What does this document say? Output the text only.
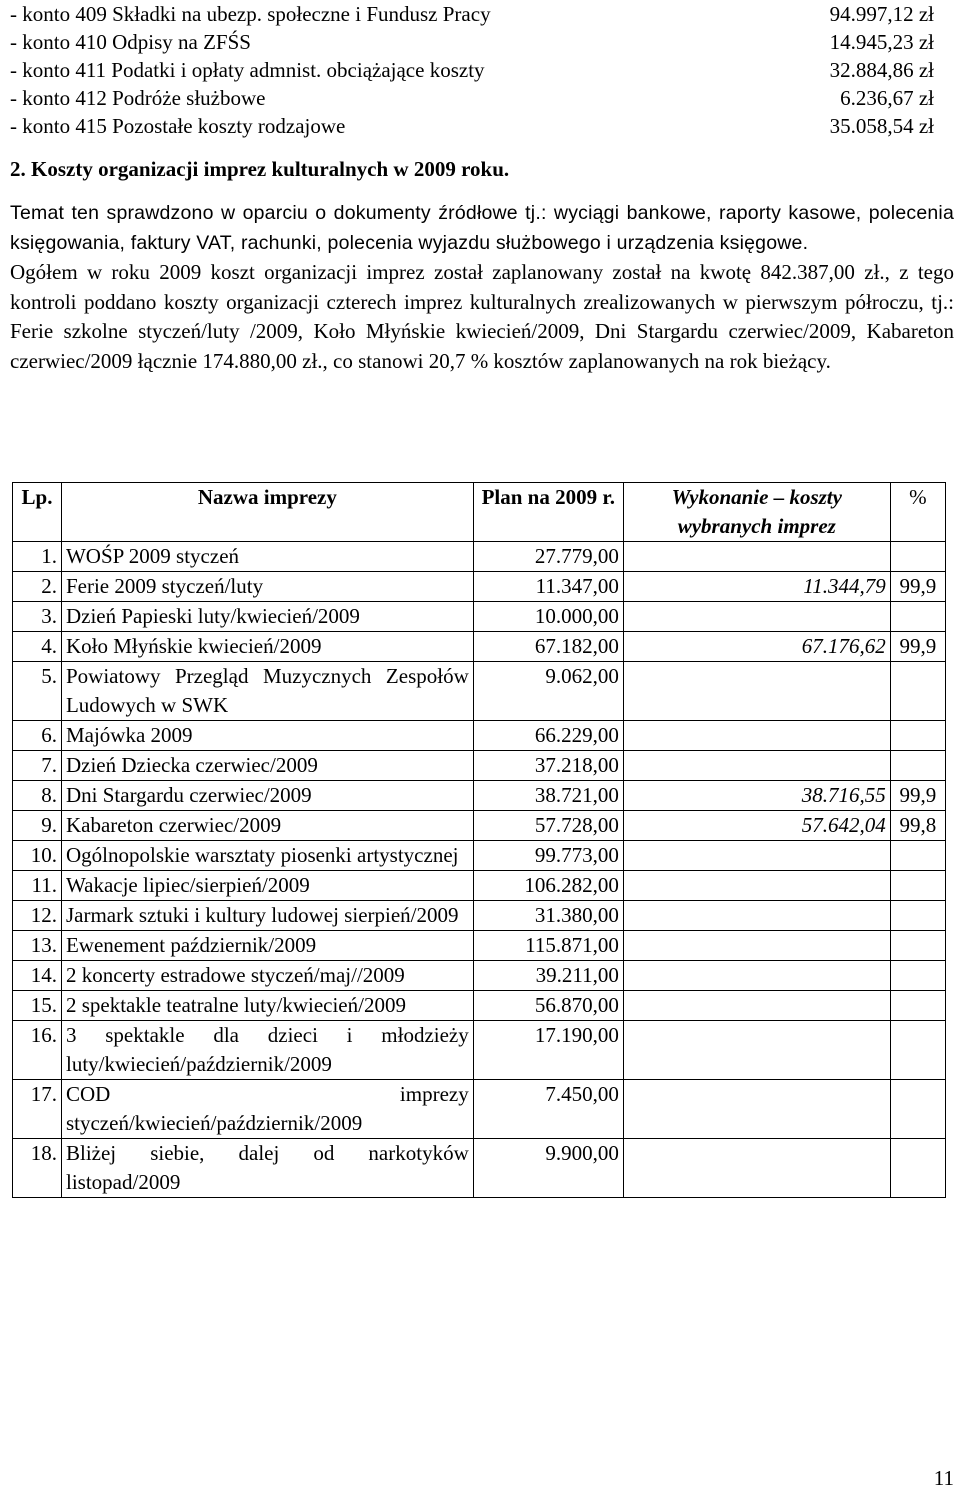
- konto 409 Składki na ubezp. społeczne i Fundusz Pracy	94.997,12 zł
- konto 410 Odpisy na ZFŚS	14.945,23 zł
- konto 411 Podatki i opłaty admnist. obciążające koszty	32.884,86 zł
- konto 412 Podróże służbowe	6.236,67 zł
- konto 415 Pozostałe koszty rodzajowe	35.058,54 zł
2. Koszty organizacji imprez kulturalnych w 2009 roku.
Temat ten sprawdzono w oparciu o dokumenty źródłowe tj.: wyciągi bankowe, raporty kasowe, polecenia księgowania, faktury VAT, rachunki, polecenia wyjazdu służbowego i urządzenia księgowe.
Ogółem w roku 2009 koszt organizacji imprez został zaplanowany został na kwotę 842.387,00 zł., z tego kontroli poddano koszty organizacji czterech imprez kulturalnych zrealizowanych w pierwszym półroczu, tj.: Ferie szkolne styczeń/luty /2009, Koło Młyńskie kwiecień/2009, Dni Stargardu czerwiec/2009, Kabareton czerwiec/2009 łącznie 174.880,00 zł., co stanowi 20,7 % kosztów zaplanowanych na rok bieżący.
Lp.	Nazwa imprezy	Plan na 2009 r.	Wykonanie – koszty wybranych imprez	%
1.	WOŚP 2009 styczeń	27.779,00		
2.	Ferie 2009 styczeń/luty	11.347,00	11.344,79	99,9
3.	Dzień Papieski luty/kwiecień/2009	10.000,00		
4.	Koło Młyńskie kwiecień/2009	67.182,00	67.176,62	99,9
5.	Powiatowy Przegląd Muzycznych Zespołów Ludowych w SWK	9.062,00		
6.	Majówka 2009	66.229,00		
7.	Dzień Dziecka czerwiec/2009	37.218,00		
8.	Dni Stargardu czerwiec/2009	38.721,00	38.716,55	99,9
9.	Kabareton czerwiec/2009	57.728,00	57.642,04	99,8
10.	Ogólnopolskie warsztaty piosenki artystycznej	99.773,00		
11.	Wakacje lipiec/sierpień/2009	106.282,00		
12.	Jarmark sztuki i kultury ludowej sierpień/2009	31.380,00		
13.	Ewenement październik/2009	115.871,00		
14.	2 koncerty estradowe styczeń/maj//2009	39.211,00		
15.	2 spektakle teatralne luty/kwiecień/2009	56.870,00		
16.	3 spektakle dla dzieci i młodzieży luty/kwiecień/październik/2009	17.190,00		
17.	COD imprezy styczeń/kwiecień/październik/2009	7.450,00		
18.	Bliżej siebie, dalej od narkotyków listopad/2009	9.900,00		
11
